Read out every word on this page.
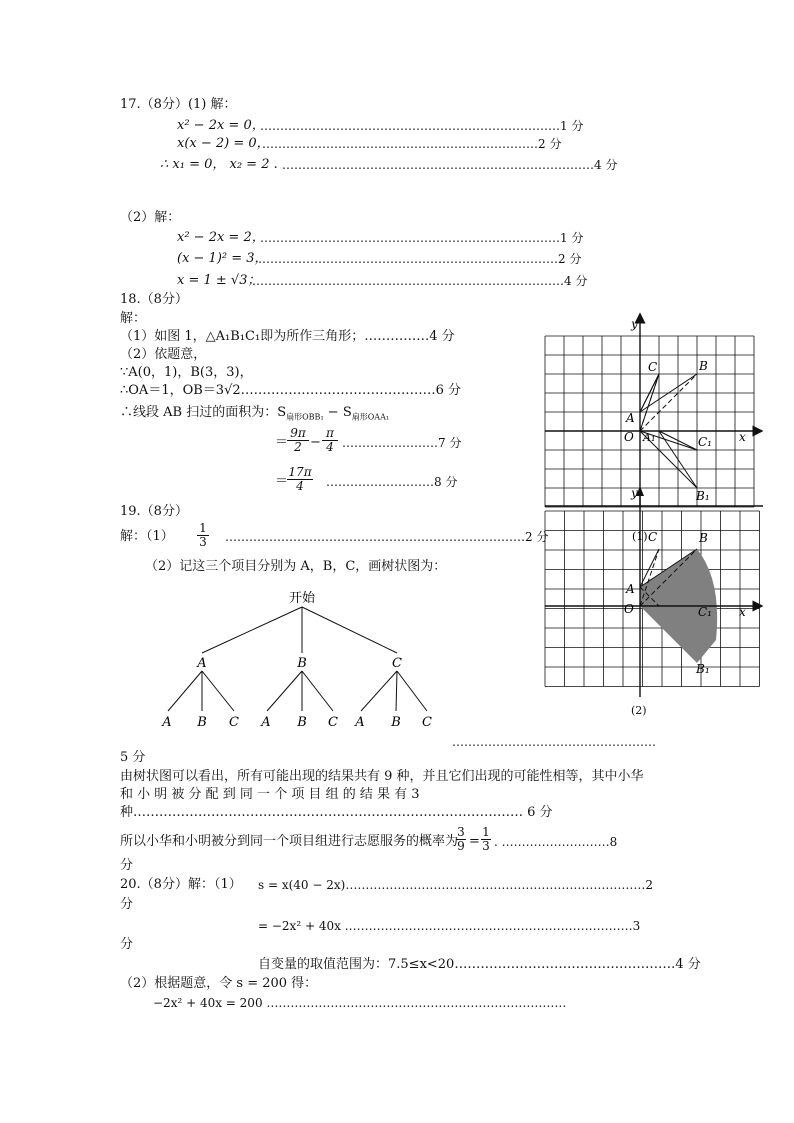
17.（8分）(1) 解：
x² − 2x = 0，
…………………………………………………………………1 分
x(x − 2) = 0，
……………………………………………………………2 分
∴ x₁ = 0， x₂ = 2 . ……………………………………………………………………4 分
（2）解：
x² − 2x = 2，
…………………………………………………………………1 分
(x − 1)² = 3，
…………………………………………………………………2 分
x = 1 ± √3；
……………………………………………………………………4 分
18.（8分）
解：
（1）如图 1，△A₁B₁C₁即为所作三角形；……………4 分
（2）依题意，
∵A(0，1)，B(3，3)，
∴OA＝1，OB＝3√2………………………………………6 分
∴线段 AB 扫过的面积为：$S_{扇形OBB_1} - S_{扇形OAA_1}$
＝
$\frac{9\pi}{2} - \frac{\pi}{4}$ ……………………7 分
＝
$\frac{17\pi}{4}$ ………………………8 分
19.（8分）
解：$(1) \frac{1}{3}$ …………………………………………………………………2 分
（2）记这三个项目分别为 A，B，C，画树状图为：
开始
A	B	C
A B C A B C A B C
……………………………………………
5 分
由树状图可以看出，所有可能出现的结果共有 9 种，并且它们出现的可能性相等，其中小华
和 小 明 被 分 配 到 同 一 个 项 目 组 的 结 果 有 3
种……………………………………………………………………………… 6 分
所以小华和小明被分到同一个项目组进行志愿服务的概率为
$\frac{3}{9} = \frac{1}{3}$ . ………………………8
分
20.（8分）解：（1） s = x(40 − 2x)…………………………………………………………………2
分
= −2x² + 40x ………………………………………………………………3
分
自变量的取值范围为：7.5≤x<20……………………………………………4 分
（2）根据题意，令 s = 200 得：
−2x² + 40x = 200 …………………………………………………………………
y
x
C	B
A
O A₁	C₁
B₁
y
x
(1) C	B
A
O	C₁
B₁
(2)
